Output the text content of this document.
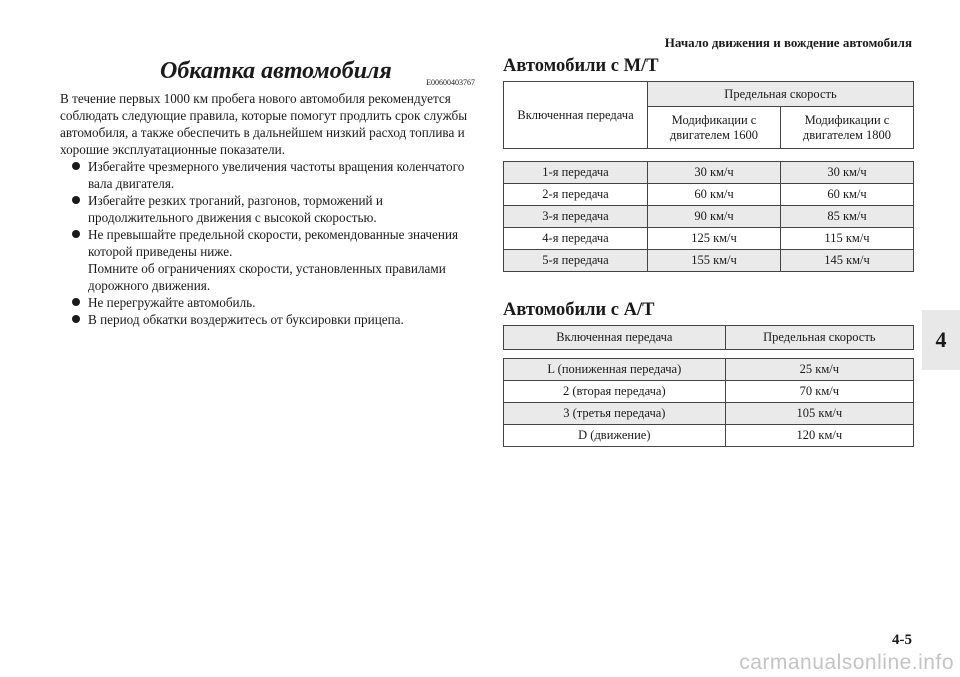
Начало движения и вождение автомобиля
4
4-5
carmanualsonline.info
Обкатка автомобиля	E00600403767

В течение первых 1000 км пробега нового автомобиля рекомендуется соблюдать следующие правила, которые помогут продлить срок службы автомобиля, а также обеспечить в дальнейшем низкий расход топлива и хорошие эксплуатационные показатели.

Избегайте чрезмерного увеличения частоты вращения коленчатого вала двигателя.
Избегайте резких троганий, разгонов, торможений и продолжительного движения с высокой скоростью.
Не превышайте предельной скорости, рекомендованные значения которой приведены ниже.
Помните об ограничениях скорости, установленных правилами дорожного движения.
Не перегружайте автомобиль.
В период обкатки воздержитесь от буксировки прицепа.
Автомобили с M/T
Включенная передача	Предельная скорость	
	Модификации с двигателем 1600	Модификации с двигателем 1800

1-я передача	30 км/ч	30 км/ч
2-я передача	60 км/ч	60 км/ч
3-я передача	90 км/ч	85 км/ч
4-я передача	125 км/ч	115 км/ч
5-я передача	155 км/ч	145 км/ч
Автомобили с A/T
Включенная передача	Предельная скорость

L (пониженная передача)	25 км/ч
2 (вторая передача)	70 км/ч
3 (третья передача)	105 км/ч
D (движение)	120 км/ч
